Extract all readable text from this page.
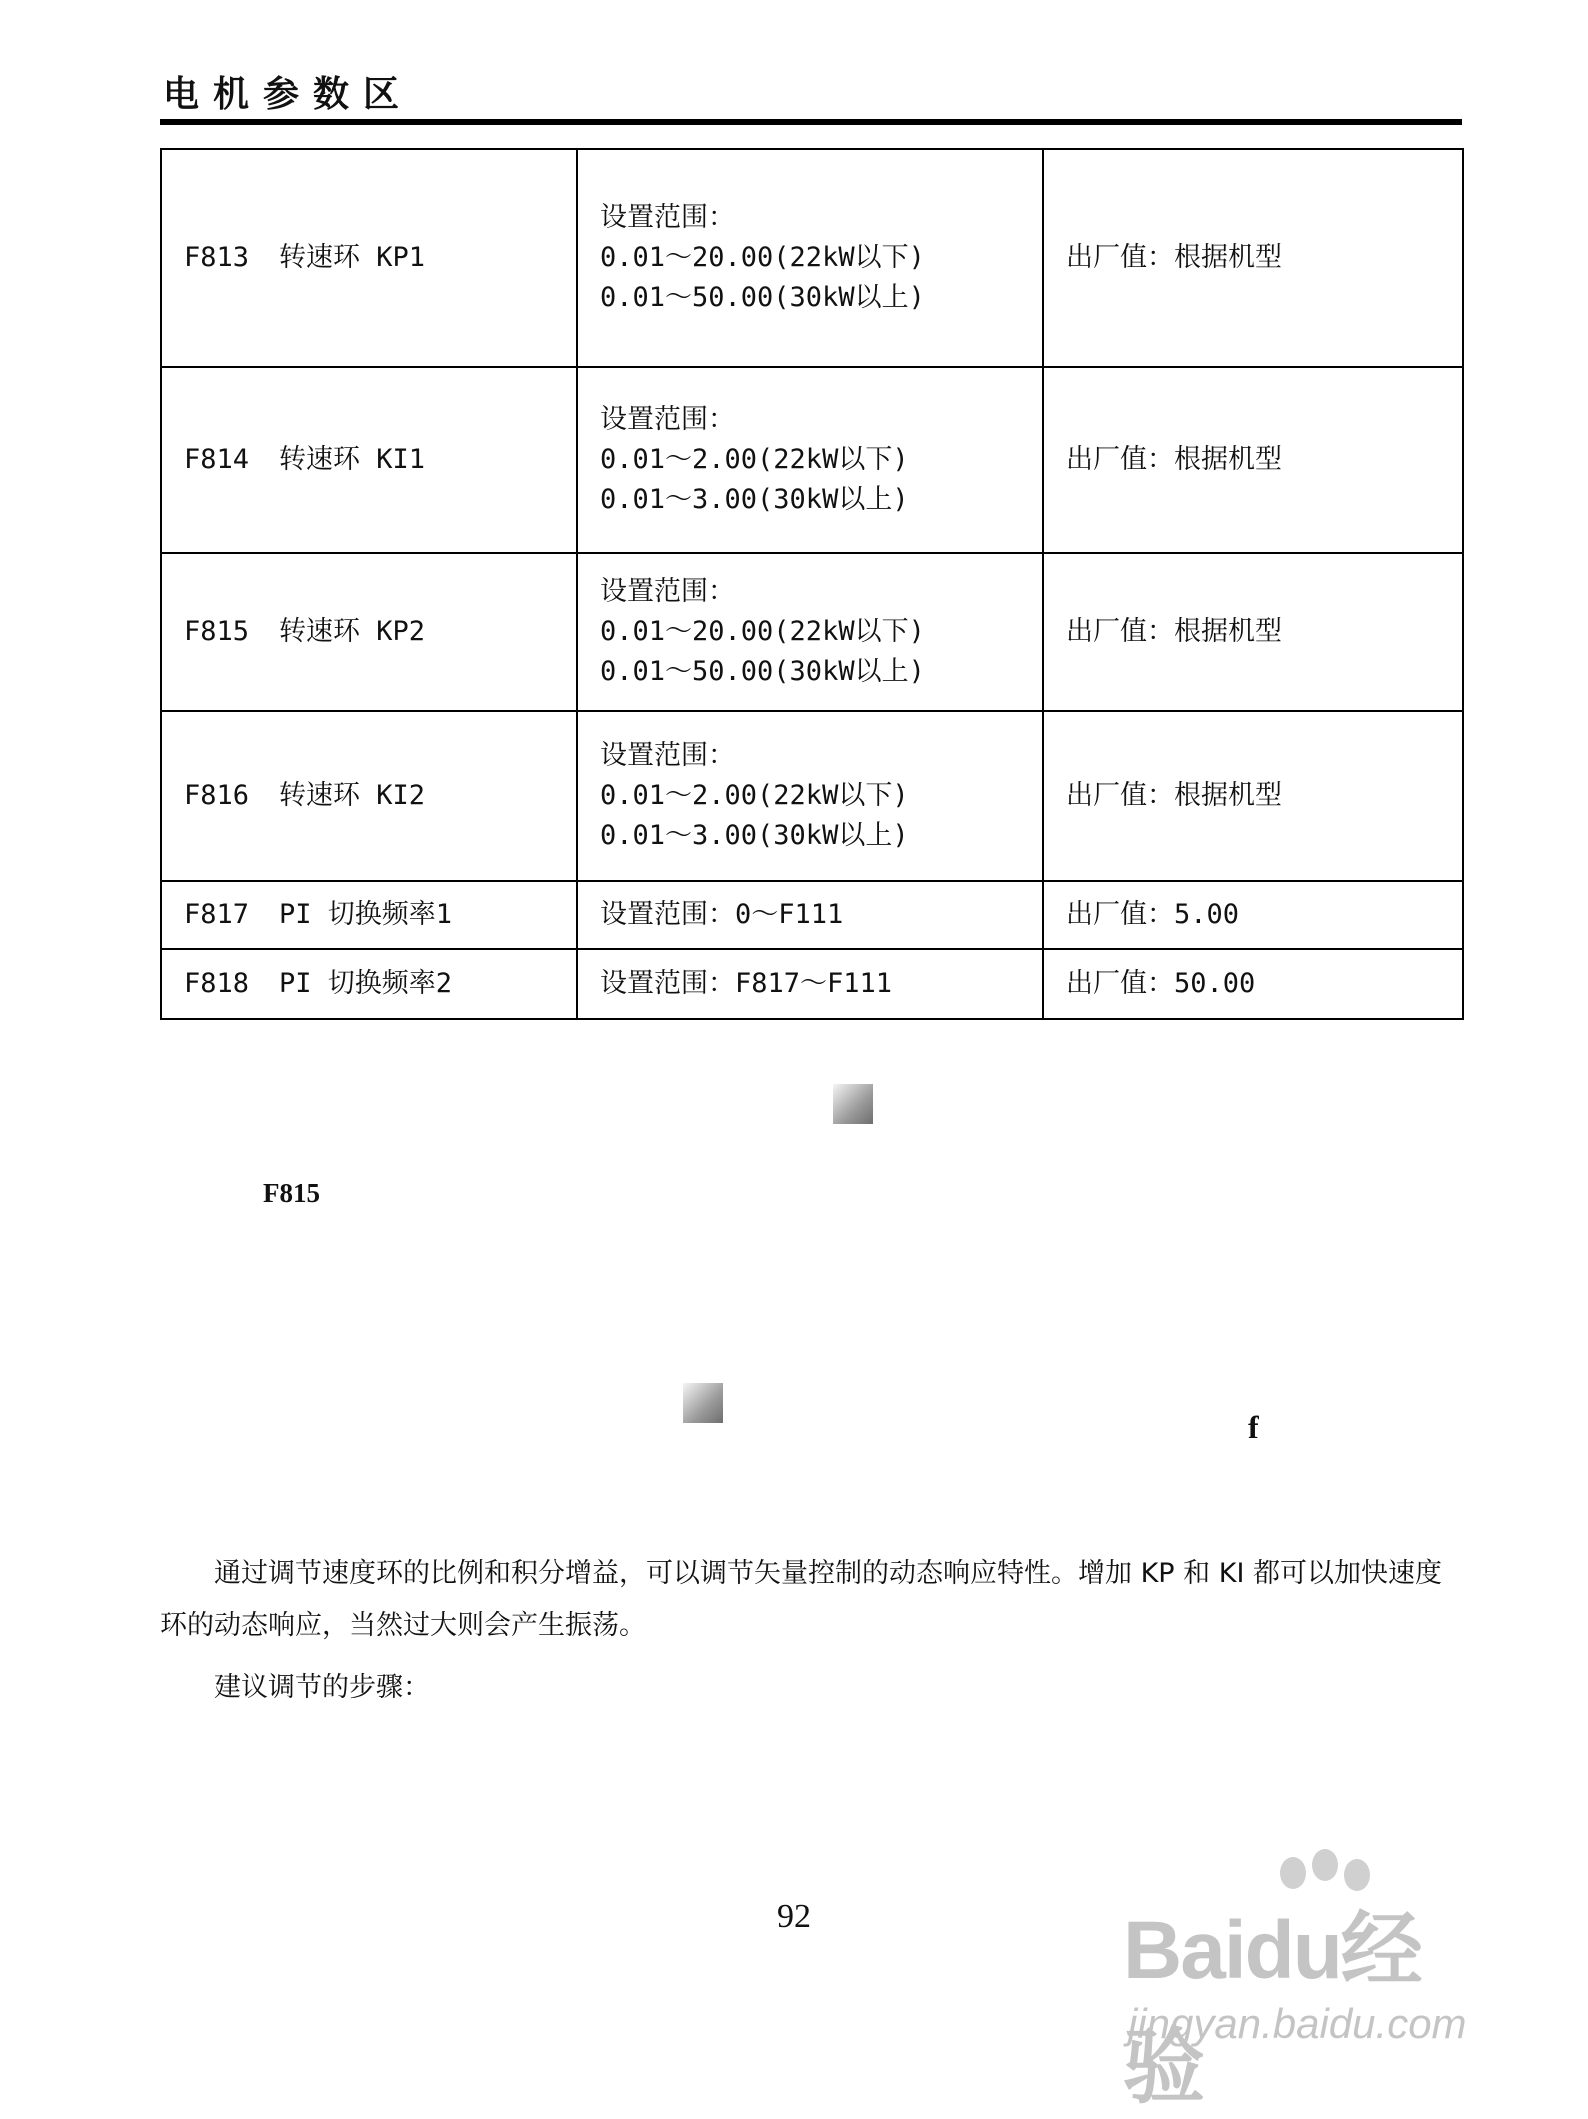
电机参数区
F813 转速环 KP1	设置范围：
0.01～20.00(22kW以下)
0.01～50.00(30kW以上)	出厂值：根据机型
F814 转速环 KI1	设置范围：
0.01～2.00(22kW以下)
0.01～3.00(30kW以上)	出厂值：根据机型
F815 转速环 KP2	设置范围：
0.01～20.00(22kW以下)
0.01～50.00(30kW以上)	出厂值：根据机型
F816 转速环 KI2	设置范围：
0.01～2.00(22kW以下)
0.01～3.00(30kW以上)	出厂值：根据机型
F817 PI 切换频率1	设置范围：0～F111	出厂值：5.00
F818 PI 切换频率2	设置范围：F817～F111	出厂值：50.00
F815
f
通过调节速度环的比例和积分增益，可以调节矢量控制的动态响应特性。增加 KP 和 KI 都可以加快速度环的动态响应，当然过大则会产生振荡。
建议调节的步骤：
92	Baidu经验
jingyan.baidu.com
